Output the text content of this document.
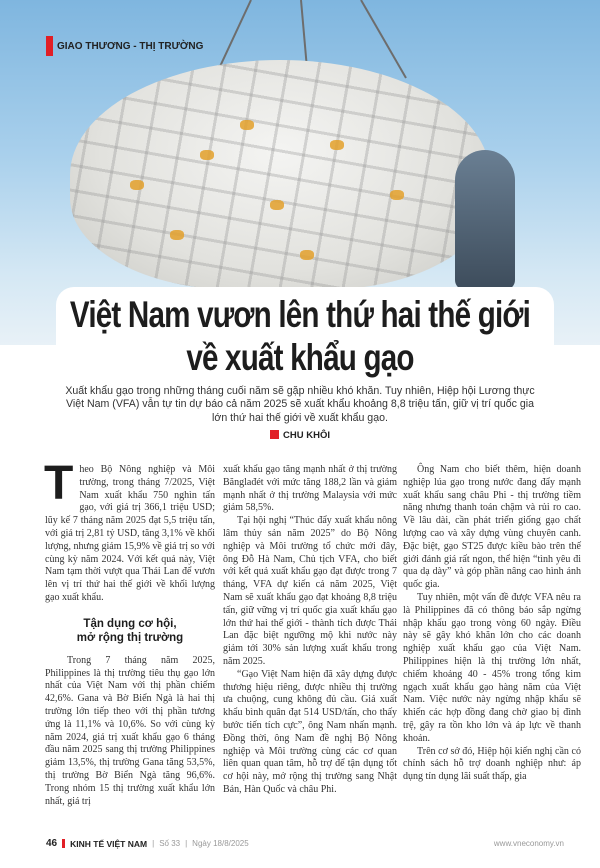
GIAO THƯƠNG - THỊ TRƯỜNG
Việt Nam vươn lên thứ hai thế giới
về xuất khẩu gạo

Xuất khẩu gạo trong những tháng cuối năm sẽ gặp nhiều khó khăn. Tuy nhiên, Hiệp hội Lương thực Việt Nam (VFA) vẫn tự tin dự báo cả năm 2025 sẽ xuất khẩu khoảng 8,8 triệu tấn, giữ vị trí quốc gia lớn thứ hai thế giới về xuất khẩu gạo.

CHU KHÔI

Theo Bộ Nông nghiệp và Môi trường, trong tháng 7/2025, Việt Nam xuất khẩu 750 nghìn tấn gạo, với giá trị 366,1 triệu USD; lũy kế 7 tháng năm 2025 đạt 5,5 triệu tấn, với giá trị 2,81 tỷ USD, tăng 3,1% về khối lượng, nhưng giảm 15,9% về giá trị so với cùng kỳ năm 2024. Với kết quả này, Việt Nam tạm thời vượt qua Thái Lan để vươn lên vị trí thứ hai thế giới về khối lượng gạo xuất khẩu.

Tận dụng cơ hội,
mở rộng thị trường

Trong 7 tháng năm 2025, Philippines là thị trường tiêu thụ gạo lớn nhất của Việt Nam với thị phần chiếm 42,6%. Gana và Bờ Biển Ngà là hai thị trường lớn tiếp theo với thị phần tương ứng là 11,1% và 10,6%. So với cùng kỳ năm 2024, giá trị xuất khẩu gạo 6 tháng đầu năm 2025 sang thị trường Philippines giảm 13,5%, thị trường Gana tăng 53,5%, thị trường Bờ Biển Ngà tăng 96,6%. Trong nhóm 15 thị trường xuất khẩu lớn nhất, giá trị

xuất khẩu gạo tăng mạnh nhất ở thị trường Bănglađét với mức tăng 188,2 lần và giảm mạnh nhất ở thị trường Malaysia với mức giảm 58,5%.

Tại hội nghị “Thúc đẩy xuất khẩu nông lâm thủy sản năm 2025” do Bộ Nông nghiệp và Môi trường tổ chức mới đây, ông Đỗ Hà Nam, Chủ tịch VFA, cho biết với kết quả xuất khẩu gạo đạt được trong 7 tháng, VFA dự kiến cả năm 2025, Việt Nam sẽ xuất khẩu gạo đạt khoảng 8,8 triệu tấn, giữ vững vị trí quốc gia xuất khẩu gạo lớn thứ hai thế giới - thành tích được Thái Lan đặc biệt ngưỡng mộ khi nước này giảm tới 30% sản lượng xuất khẩu trong năm 2025.

“Gạo Việt Nam hiện đã xây dựng được thương hiệu riêng, được nhiều thị trường ưa chuộng, cung không đủ cầu. Giá xuất khẩu bình quân đạt 514 USD/tấn, cho thấy bước tiến tích cực”, ông Nam nhấn mạnh. Đồng thời, ông Nam đề nghị Bộ Nông nghiệp và Môi trường cùng các cơ quan liên quan quan tâm, hỗ trợ để tận dụng tốt cơ hội này, mở rộng thị trường sang Nhật Bản, Hàn Quốc và châu Phi.

Ông Nam cho biết thêm, hiện doanh nghiệp lúa gạo trong nước đang đẩy mạnh xuất khẩu sang châu Phi - thị trường tiềm năng nhưng thanh toán chậm và rủi ro cao. Về lâu dài, cần phát triển giống gạo chất lượng cao và xây dựng vùng chuyên canh. Đặc biệt, gạo ST25 được kiều bào trên thế giới đánh giá rất ngon, thể hiện “tình yêu đi qua dạ dày” và góp phần nâng cao hình ảnh quốc gia.

Tuy nhiên, một vấn đề được VFA nêu ra là Philippines đã có thông báo sắp ngừng nhập khẩu gạo trong vòng 60 ngày. Điều này sẽ gây khó khăn lớn cho các doanh nghiệp xuất khẩu gạo của Việt Nam. Philippines hiện là thị trường lớn nhất, chiếm khoảng 40 - 45% trong tổng kim ngạch xuất khẩu gạo hàng năm của Việt Nam. Việc nước này ngừng nhập khẩu sẽ khiến các hợp đồng đang chờ giao bị đình trệ, gây ra tồn kho lớn và áp lực về thanh khoản.

Trên cơ sở đó, Hiệp hội kiến nghị cần có chính sách hỗ trợ doanh nghiệp như: áp dụng tín dụng lãi suất thấp, gia

46 KINH TẾ VIỆT NAM | Số 33 | Ngày 18/8/2025	www.vneconomy.vn
